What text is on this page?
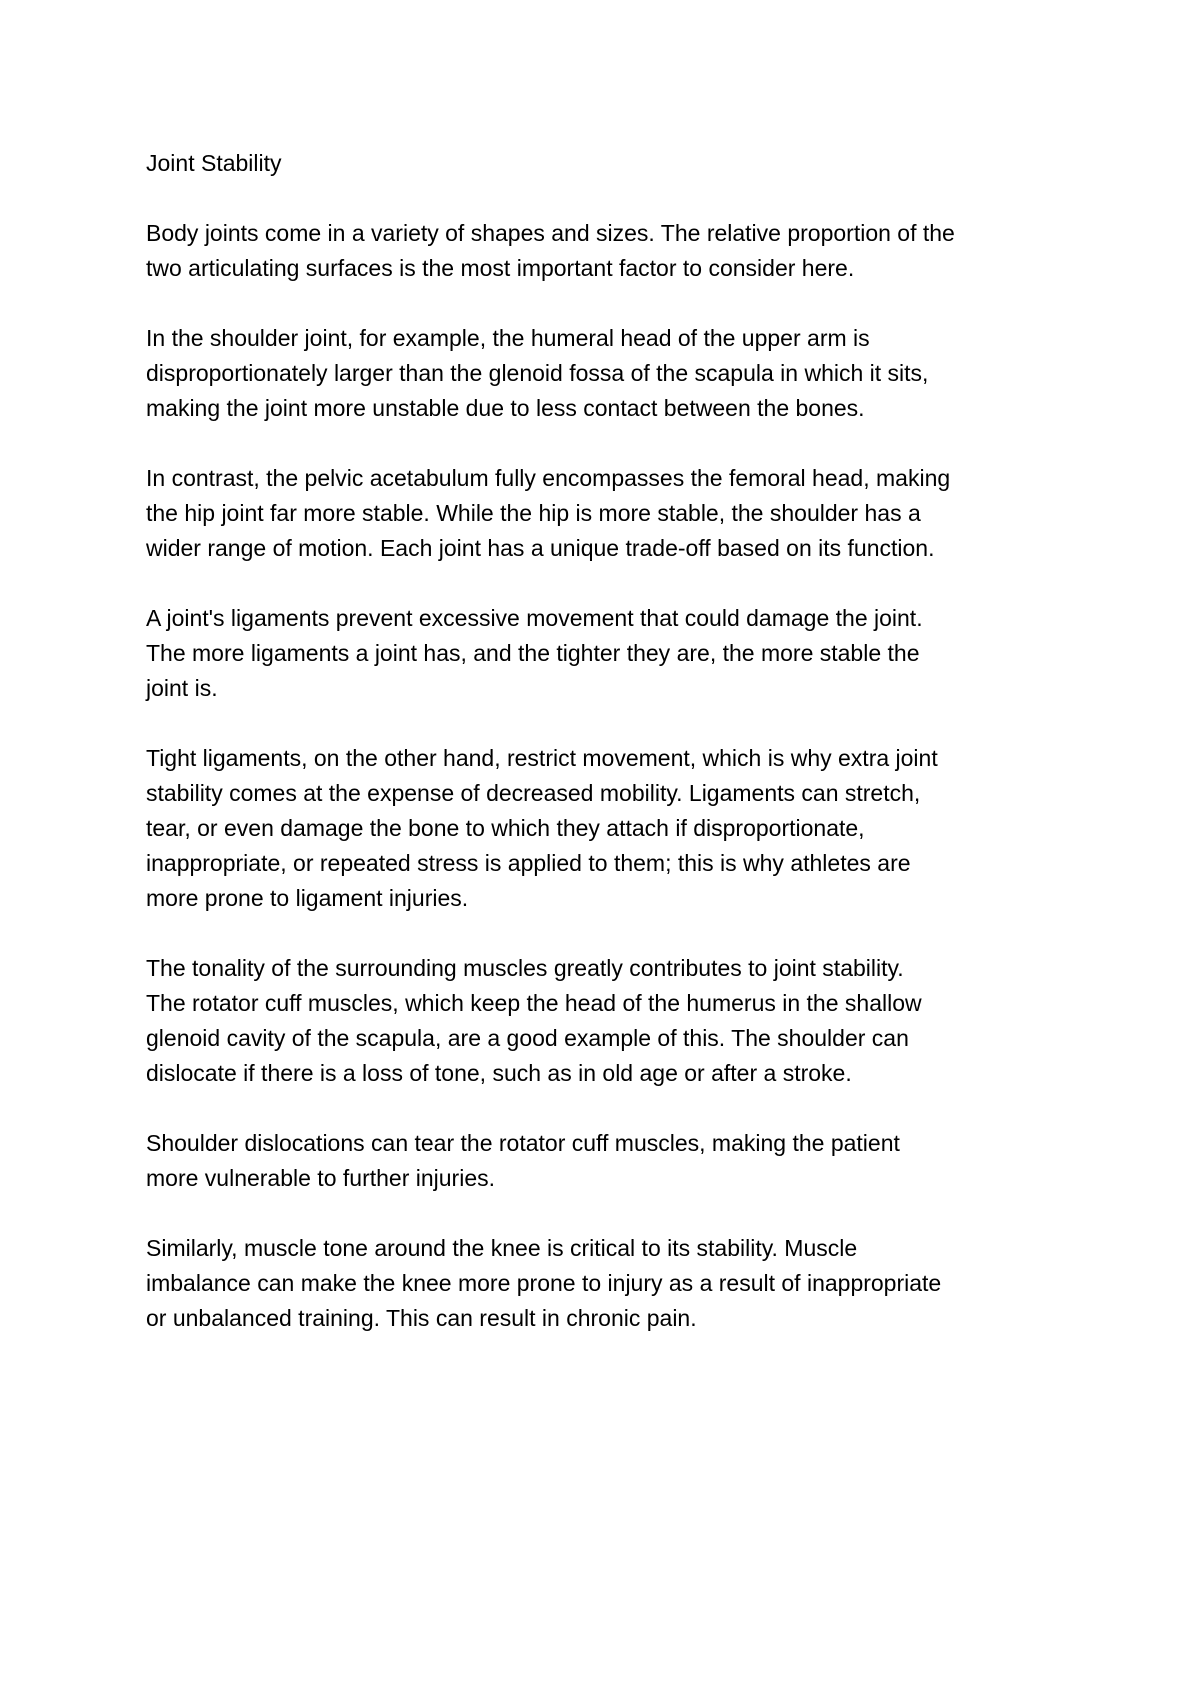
Joint Stability

Body joints come in a variety of shapes and sizes. The relative proportion of the
two articulating surfaces is the most important factor to consider here.

In the shoulder joint, for example, the humeral head of the upper arm is
disproportionately larger than the glenoid fossa of the scapula in which it sits,
making the joint more unstable due to less contact between the bones.

In contrast, the pelvic acetabulum fully encompasses the femoral head, making
the hip joint far more stable. While the hip is more stable, the shoulder has a
wider range of motion. Each joint has a unique trade-off based on its function.

A joint's ligaments prevent excessive movement that could damage the joint.
The more ligaments a joint has, and the tighter they are, the more stable the
joint is.

Tight ligaments, on the other hand, restrict movement, which is why extra joint
stability comes at the expense of decreased mobility. Ligaments can stretch,
tear, or even damage the bone to which they attach if disproportionate,
inappropriate, or repeated stress is applied to them; this is why athletes are
more prone to ligament injuries.

The tonality of the surrounding muscles greatly contributes to joint stability.
The rotator cuff muscles, which keep the head of the humerus in the shallow
glenoid cavity of the scapula, are a good example of this. The shoulder can
dislocate if there is a loss of tone, such as in old age or after a stroke.

Shoulder dislocations can tear the rotator cuff muscles, making the patient
more vulnerable to further injuries.

Similarly, muscle tone around the knee is critical to its stability. Muscle
imbalance can make the knee more prone to injury as a result of inappropriate
or unbalanced training. This can result in chronic pain.
